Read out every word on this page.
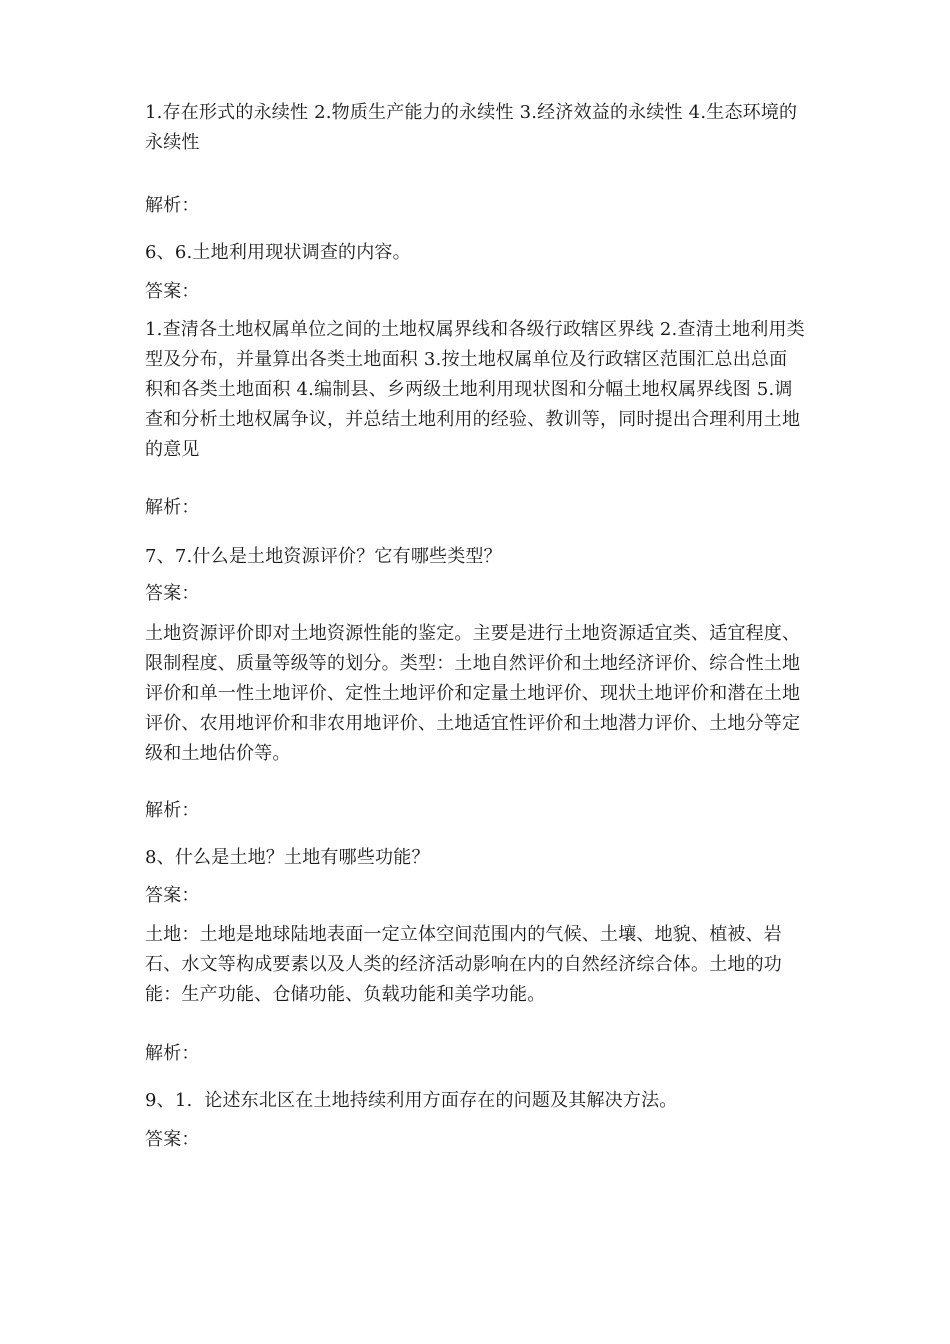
1.存在形式的永续性 2.物质生产能力的永续性 3.经济效益的永续性 4.生态环境的永续性
解析：
6、6.土地利用现状调查的内容。
答案：
1.查清各土地权属单位之间的土地权属界线和各级行政辖区界线 2.查清土地利用类型及分布，并量算出各类土地面积 3.按土地权属单位及行政辖区范围汇总出总面积和各类土地面积 4.编制县、乡两级土地利用现状图和分幅土地权属界线图 5.调查和分析土地权属争议，并总结土地利用的经验、教训等，同时提出合理利用土地的意见
解析：
7、7.什么是土地资源评价？它有哪些类型？
答案：
土地资源评价即对土地资源性能的鉴定。主要是进行土地资源适宜类、适宜程度、限制程度、质量等级等的划分。类型：土地自然评价和土地经济评价、综合性土地评价和单一性土地评价、定性土地评价和定量土地评价、现状土地评价和潜在土地评价、农用地评价和非农用地评价、土地适宜性评价和土地潜力评价、土地分等定级和土地估价等。
解析：
8、什么是土地？土地有哪些功能？
答案：
土地：土地是地球陆地表面一定立体空间范围内的气候、土壤、地貌、植被、岩石、水文等构成要素以及人类的经济活动影响在内的自然经济综合体。土地的功能：生产功能、仓储功能、负载功能和美学功能。
解析：
9、1.  论述东北区在土地持续利用方面存在的问题及其解决方法。
答案：
